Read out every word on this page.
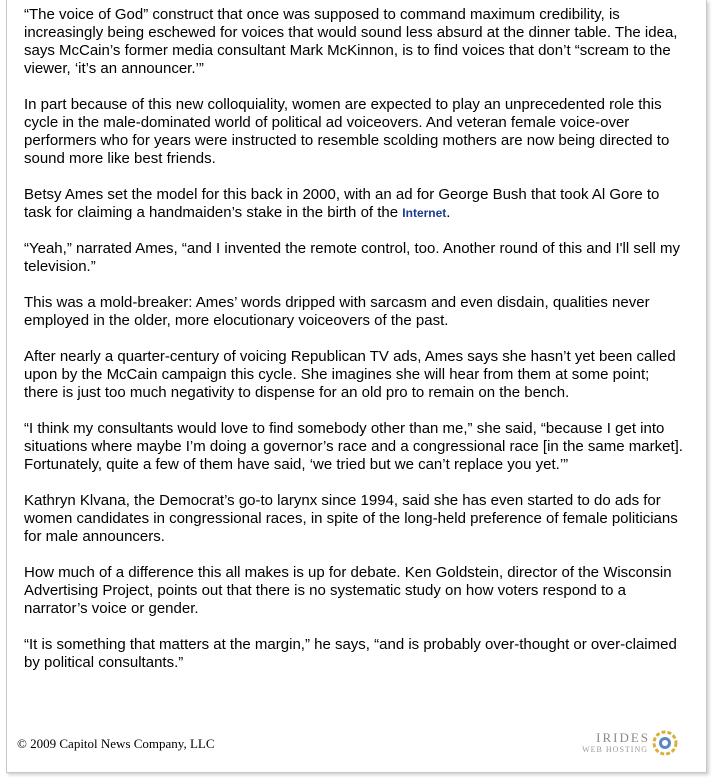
“The voice of God” construct that once was supposed to command maximum credibility, is increasingly being eschewed for voices that would sound less absurd at the dinner table. The idea, says McCain’s former media consultant Mark McKinnon, is to find voices that don’t “scream to the viewer, ‘it’s an announcer.’”

In part because of this new colloquiality, women are expected to play an unprecedented role this cycle in the male-dominated world of political ad voiceovers. And veteran female voice-over performers who for years were instructed to resemble scolding mothers are now being directed to sound more like best friends.

Betsy Ames set the model for this back in 2000, with an ad for George Bush that took Al Gore to task for claiming a handmaiden’s stake in the birth of the Internet.

“Yeah,” narrated Ames, “and I invented the remote control, too. Another round of this and I'll sell my television.”

This was a mold-breaker: Ames’ words dripped with sarcasm and even disdain, qualities never employed in the older, more elocutionary voiceovers of the past.

After nearly a quarter-century of voicing Republican TV ads, Ames says she hasn’t yet been called upon by the McCain campaign this cycle. She imagines she will hear from them at some point; there is just too much negativity to dispense for an old pro to remain on the bench.

“I think my consultants would love to find somebody other than me,” she said, “because I get into situations where maybe I’m doing a governor’s race and a congressional race [in the same market]. Fortunately, quite a few of them have said, ‘we tried but we can’t replace you yet.’”

Kathryn Klvana, the Democrat’s go-to larynx since 1994, said she has even started to do ads for women candidates in congressional races, in spite of the long-held preference of female politicians for male announcers.

How much of a difference this all makes is up for debate. Ken Goldstein, director of the Wisconsin Advertising Project, points out that there is no systematic study on how voters respond to a narrator’s voice or gender.

“It is something that matters at the margin,” he says, “and is probably over-thought or over-claimed by political consultants.”

© 2009 Capitol News Company, LLC	IRIDES
WEB HOSTING
